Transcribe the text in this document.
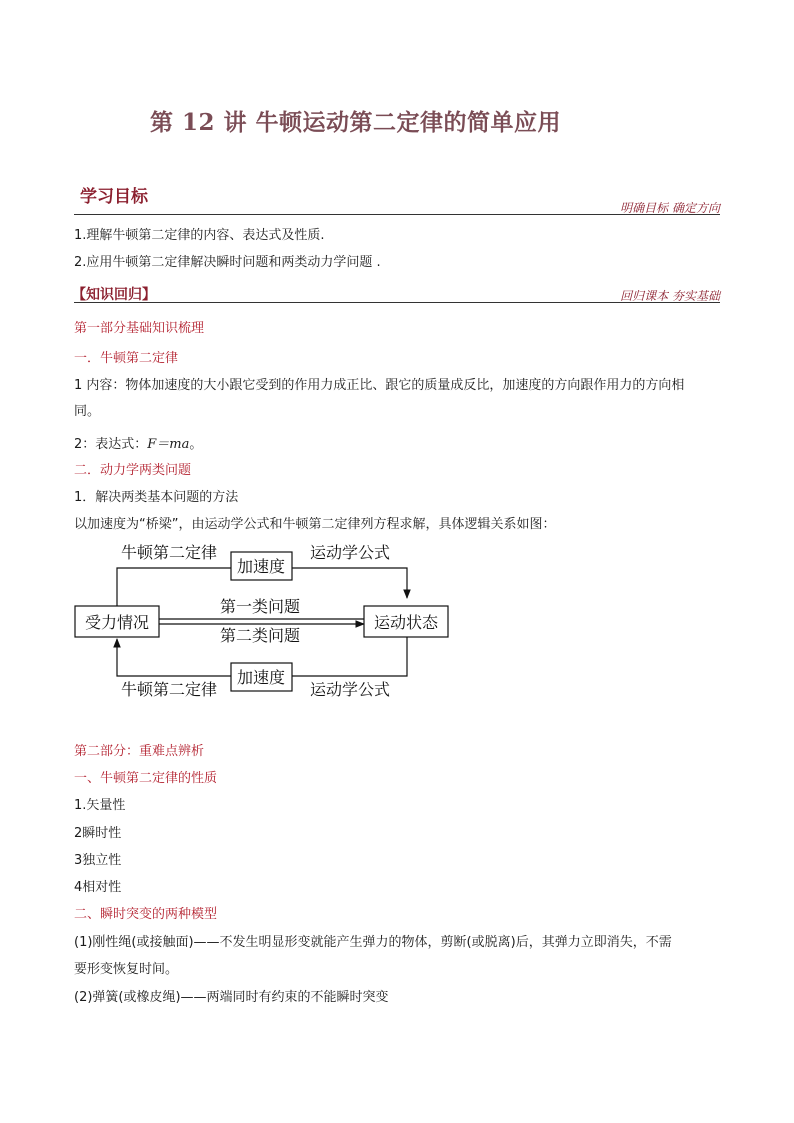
第 12 讲 牛顿运动第二定律的简单应用
学习目标
明确目标 确定方向
1.理解牛顿第二定律的内容、表达式及性质.
2.应用牛顿第二定律解决瞬时问题和两类动力学问题 .
【知识回归】	回归课本 夯实基础
第一部分基础知识梳理
一．牛顿第二定律
1 内容：物体加速度的大小跟它受到的作用力成正比、跟它的质量成反比，加速度的方向跟作用力的方向相
同。
2：表达式：F＝ma。
二．动力学两类问题
1．解决两类基本问题的方法
以加速度为“桥梁”，由运动学公式和牛顿第二定律列方程求解，具体逻辑关系如图：
受力情况	运动状态
加速度
加速度
牛顿第二定律	运动学公式
牛顿第二定律	运动学公式
第一类问题
第二类问题
第二部分：重难点辨析
一、牛顿第二定律的性质
1.矢量性
2瞬时性
3独立性
4相对性
二、瞬时突变的两种模型
(1)刚性绳(或接触面)——不发生明显形变就能产生弹力的物体，剪断(或脱离)后，其弹力立即消失，不需
要形变恢复时间。
(2)弹簧(或橡皮绳)——两端同时有约束的不能瞬时突变
